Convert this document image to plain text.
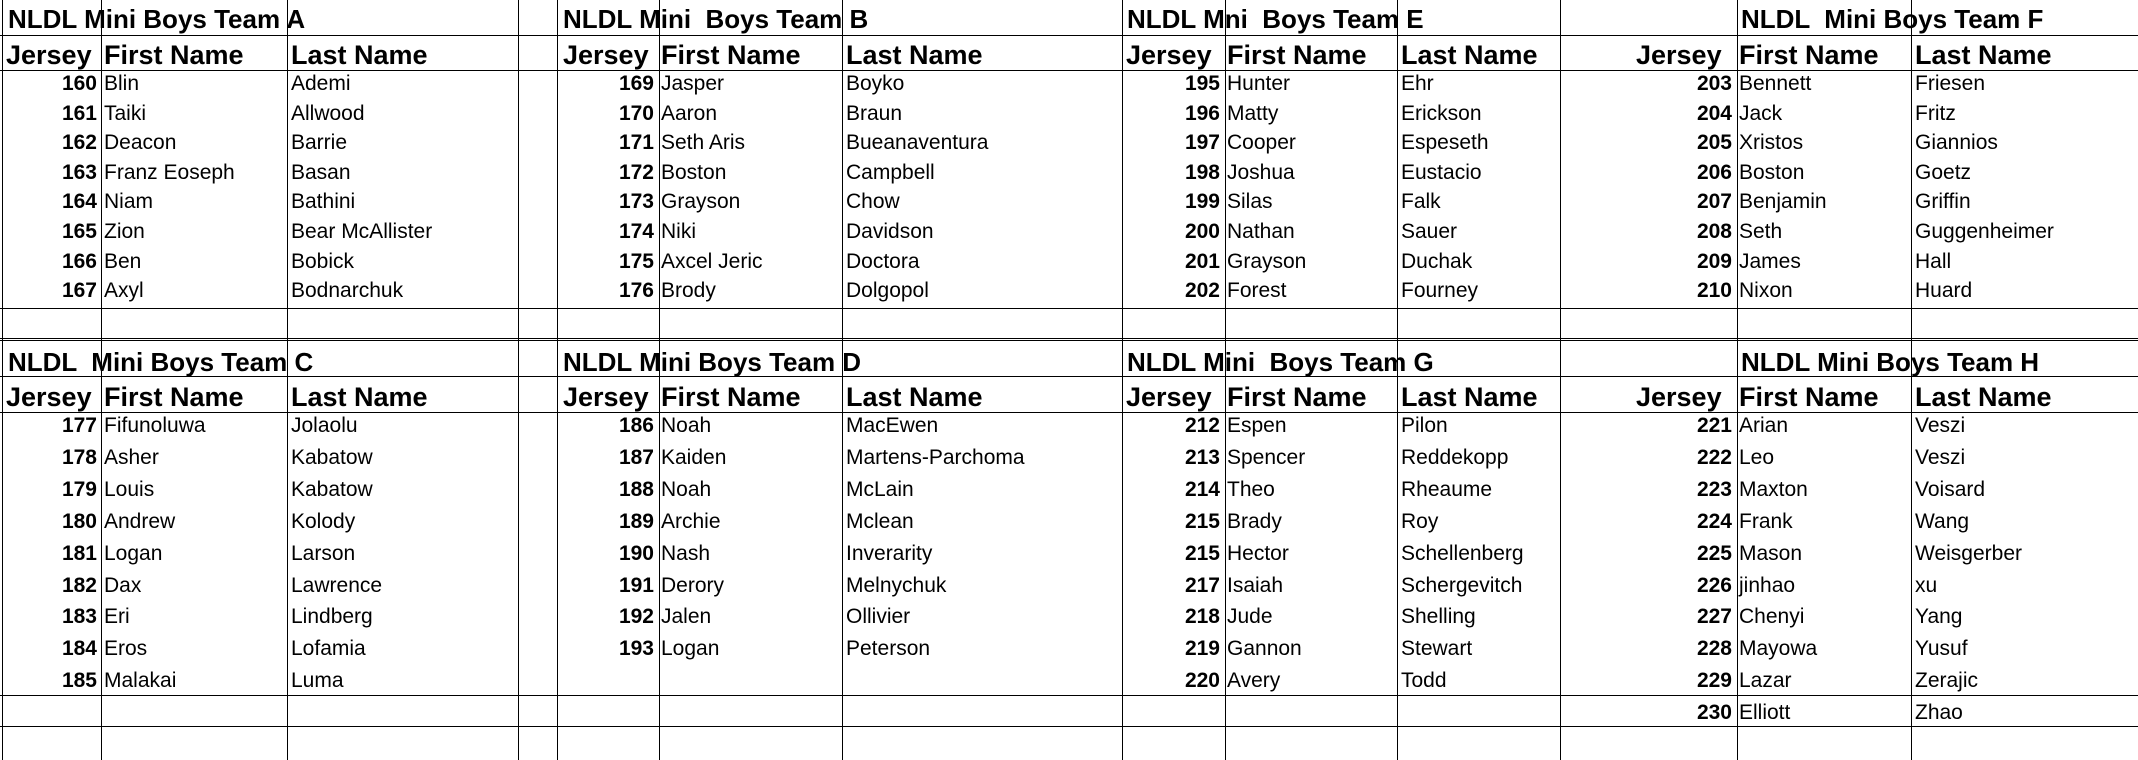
NLDL Mini Boys Team A
Jersey First Name Last Name
160 Blin	Ademi
161 Taiki	Allwood
162 Deacon	Barrie
163 Franz Eoseph	Basan
164 Niam	Bathini
165 Zion	Bear McAllister
166 Ben	Bobick
167 Axyl	Bodnarchuk
NLDL Mini  Boys Team B
Jersey First Name Last Name
169 Jasper	Boyko
170 Aaron	Braun
171 Seth Aris	Bueanaventura
172 Boston	Campbell
173 Grayson	Chow
174 Niki	Davidson
175 Axcel Jeric	Doctora
176 Brody	Dolgopol
NLDL Mni  Boys Team E
Jersey First Name Last Name
195 Hunter	Ehr
196 Matty	Erickson
197 Cooper	Espeseth
198 Joshua	Eustacio
199 Silas	Falk
200 Nathan	Sauer
201 Grayson	Duchak
202 Forest	Fourney
NLDL  Mini Boys Team F
Jersey First Name Last Name
203 Bennett	Friesen
204 Jack	Fritz
205 Xristos	Giannios
206 Boston	Goetz
207 Benjamin	Griffin
208 Seth	Guggenheimer
209 James	Hall
210 Nixon	Huard
NLDL  Mini Boys Team C
Jersey First Name Last Name
177 Fifunoluwa	Jolaolu
178 Asher	Kabatow
179 Louis	Kabatow
180 Andrew	Kolody
181 Logan	Larson
182 Dax	Lawrence
183 Eri	Lindberg
184 Eros	Lofamia
185 Malakai	Luma
NLDL Mini Boys Team D
Jersey First Name Last Name
186 Noah	MacEwen
187 Kaiden	Martens-Parchoma
188 Noah	McLain
189 Archie	Mclean
190 Nash	Inverarity
191 Derory	Melnychuk
192 Jalen	Ollivier
193 Logan	Peterson
NLDL Mini  Boys Team G
Jersey First Name Last Name
212 Espen	Pilon
213 Spencer	Reddekopp
214 Theo	Rheaume
215 Brady	Roy
215 Hector	Schellenberg
217 Isaiah	Schergevitch
218 Jude	Shelling
219 Gannon	Stewart
220 Avery	Todd
NLDL Mini Boys Team H
Jersey First Name Last Name
221 Arian	Veszi
222 Leo	Veszi
223 Maxton	Voisard
224 Frank	Wang
225 Mason	Weisgerber
226 jinhao	xu
227 Chenyi	Yang
228 Mayowa	Yusuf
229 Lazar	Zerajic
230 Elliott	Zhao
